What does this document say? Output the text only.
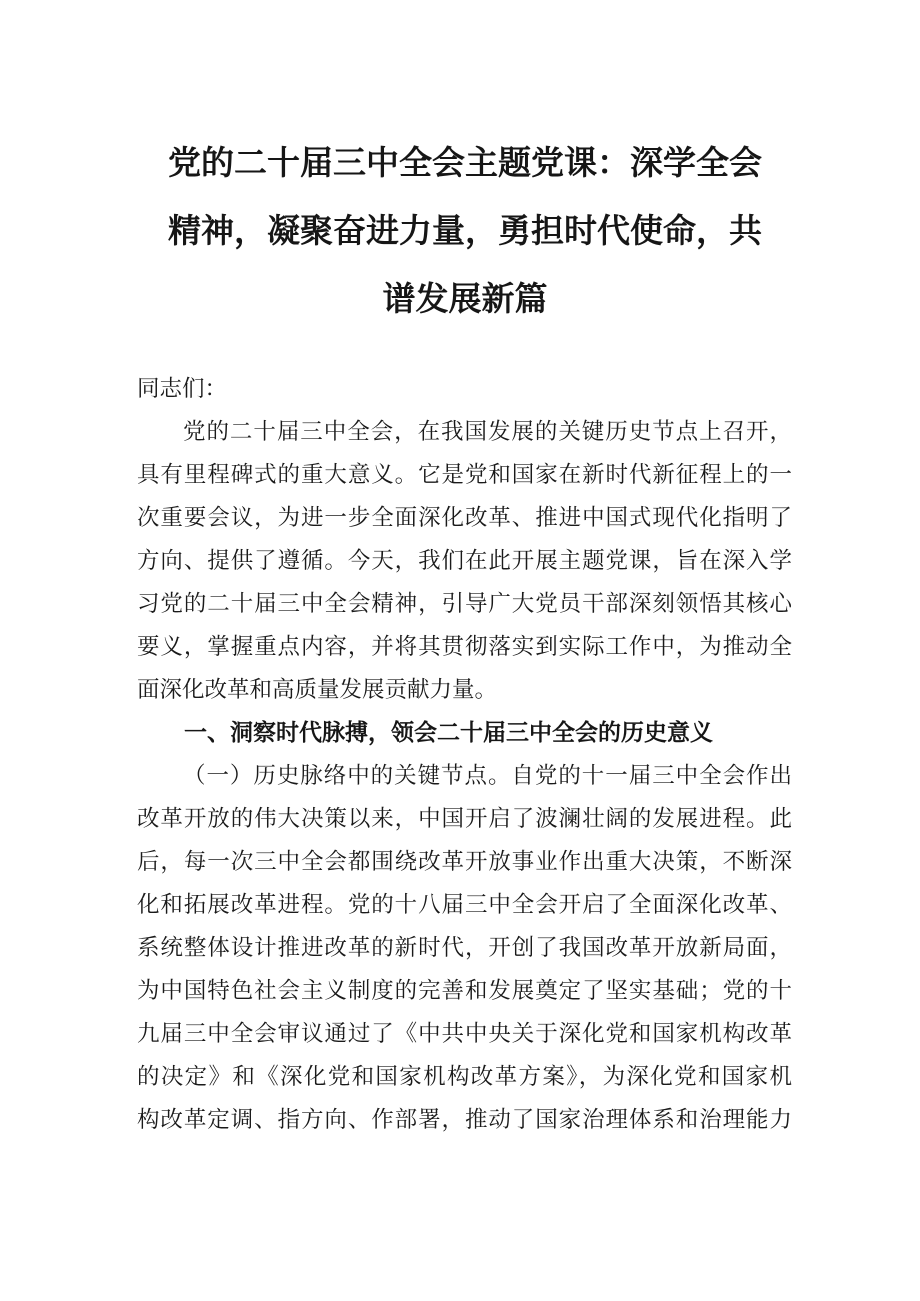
党的二十届三中全会主题党课：深学全会
精神，凝聚奋进力量，勇担时代使命，共
谱发展新篇
同志们：
党的二十届三中全会，在我国发展的关键历史节点上召开，
具有里程碑式的重大意义。它是党和国家在新时代新征程上的一
次重要会议，为进一步全面深化改革、推进中国式现代化指明了
方向、提供了遵循。今天，我们在此开展主题党课，旨在深入学
习党的二十届三中全会精神，引导广大党员干部深刻领悟其核心
要义，掌握重点内容，并将其贯彻落实到实际工作中，为推动全
面深化改革和高质量发展贡献力量。
一、洞察时代脉搏，领会二十届三中全会的历史意义
（一）历史脉络中的关键节点。自党的十一届三中全会作出
改革开放的伟大决策以来，中国开启了波澜壮阔的发展进程。此
后，每一次三中全会都围绕改革开放事业作出重大决策，不断深
化和拓展改革进程。党的十八届三中全会开启了全面深化改革、
系统整体设计推进改革的新时代，开创了我国改革开放新局面，
为中国特色社会主义制度的完善和发展奠定了坚实基础；党的十
九届三中全会审议通过了《中共中央关于深化党和国家机构改革
的决定》和《深化党和国家机构改革方案》，为深化党和国家机
构改革定调、指方向、作部署，推动了国家治理体系和治理能力
